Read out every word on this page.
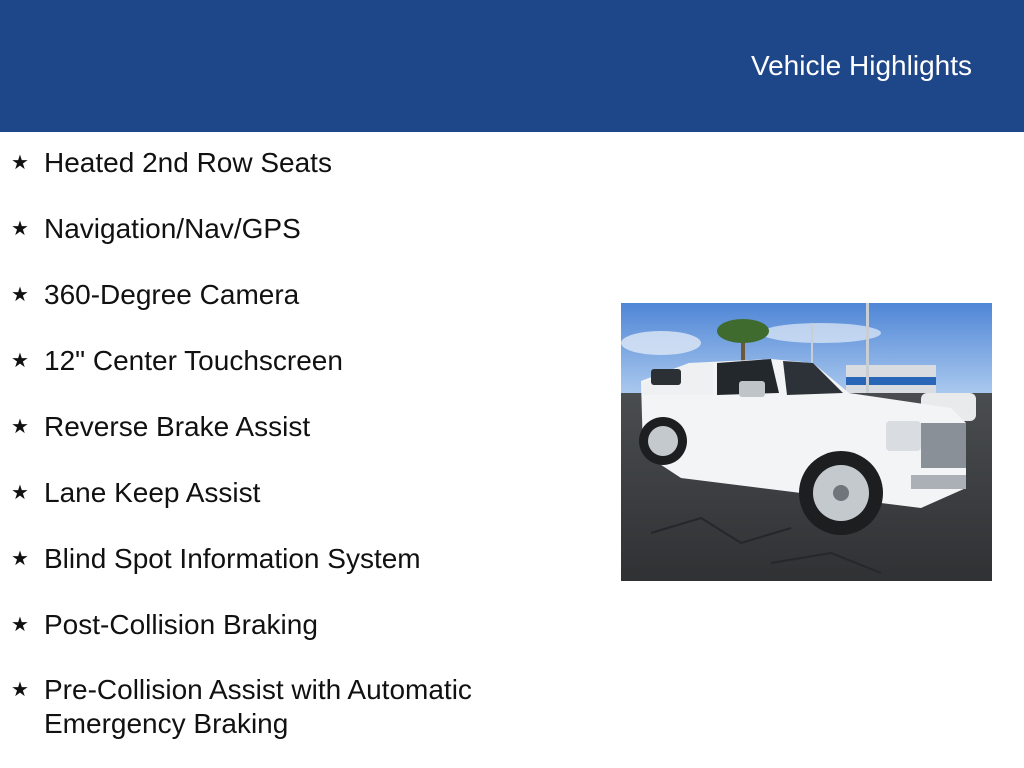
Vehicle Highlights
★ Heated 2nd Row Seats
★ Navigation/Nav/GPS
★ 360-Degree Camera
★ 12" Center Touchscreen
★ Reverse Brake Assist
★ Lane Keep Assist
★ Blind Spot Information System
★ Post-Collision Braking
★ Pre-Collision Assist with Automatic Emergency Braking
